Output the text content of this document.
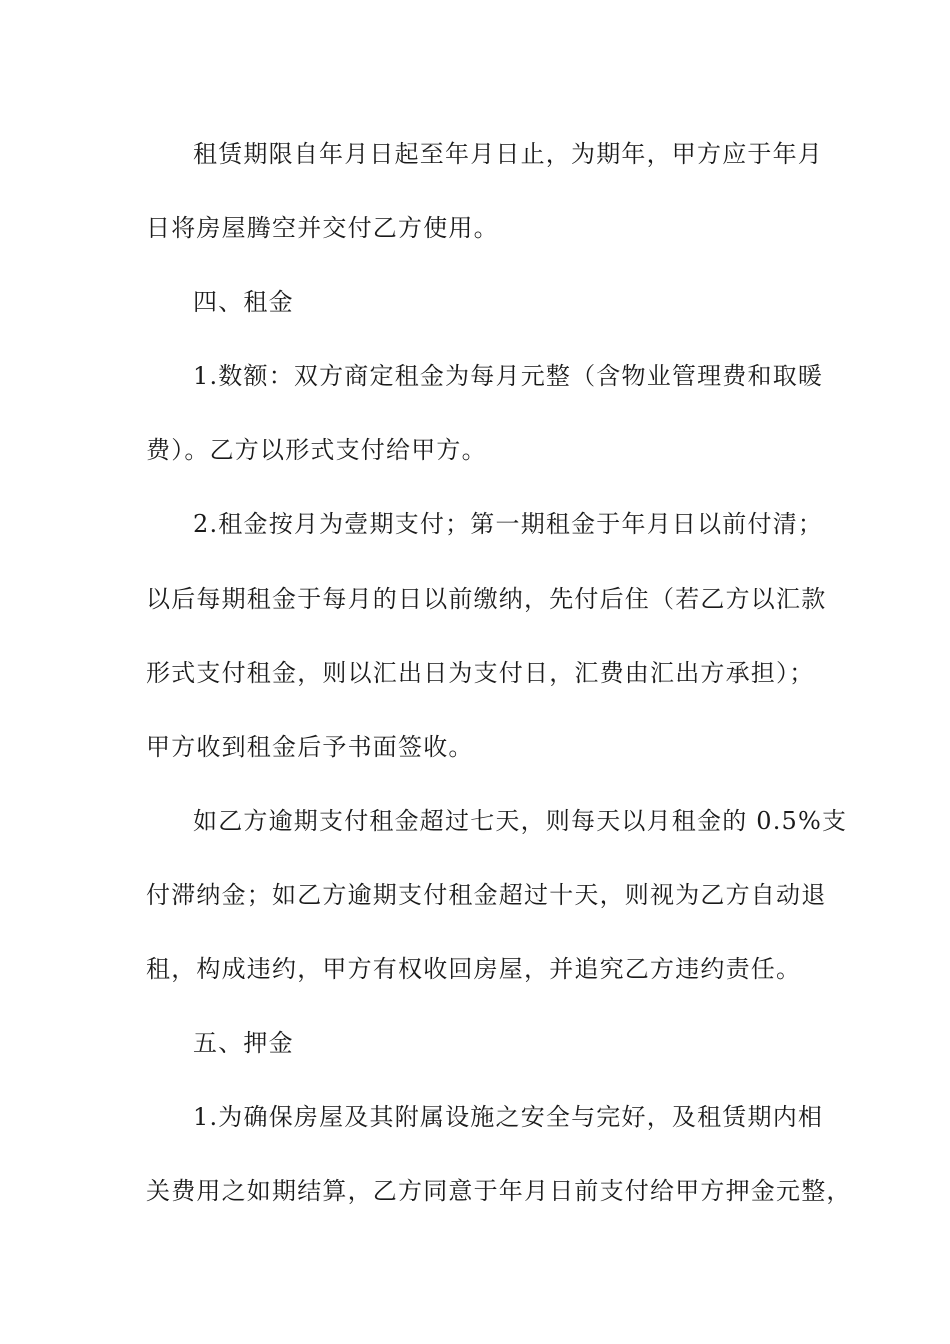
租赁期限自年月日起至年月日止，为期年，甲方应于年月

日将房屋腾空并交付乙方使用。

四、租金

1.数额：双方商定租金为每月元整（含物业管理费和取暖

费）。乙方以形式支付给甲方。

2.租金按月为壹期支付；第一期租金于年月日以前付清；

以后每期租金于每月的日以前缴纳，先付后住（若乙方以汇款

形式支付租金，则以汇出日为支付日，汇费由汇出方承担）；

甲方收到租金后予书面签收。

如乙方逾期支付租金超过七天，则每天以月租金的 0.5%支

付滞纳金；如乙方逾期支付租金超过十天，则视为乙方自动退

租，构成违约，甲方有权收回房屋，并追究乙方违约责任。

五、押金

1.为确保房屋及其附属设施之安全与完好，及租赁期内相

关费用之如期结算，乙方同意于年月日前支付给甲方押金元整，
